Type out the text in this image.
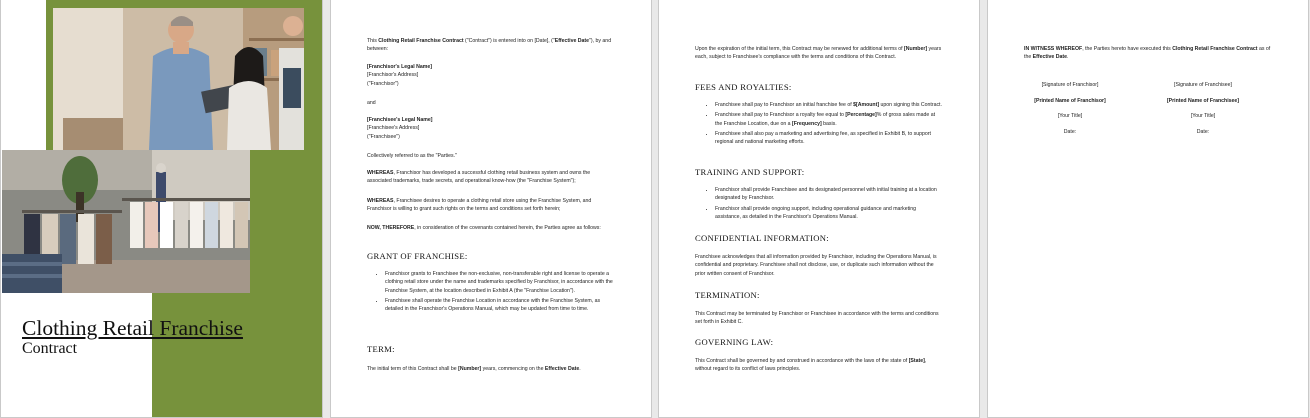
Clothing Retail Franchise
Contract
This Clothing Retail Franchise Contract ("Contract") is entered into on [Date], ("Effective Date"), by and between:

[Franchisor's Legal Name]

[Franchisor's Address]

("Franchisor")

and

[Franchisee's Legal Name]

[Franchisee's Address]

("Franchisee")

Collectively referred to as the "Parties."
WHEREAS, Franchisor has developed a successful clothing retail business system and owns the associated trademarks, trade secrets, and operational know-how (the "Franchise System");
WHEREAS, Franchisee desires to operate a clothing retail store using the Franchise System, and Franchisor is willing to grant such rights on the terms and conditions set forth herein;
NOW, THEREFORE, in consideration of the covenants contained herein, the Parties agree as follows:
GRANT OF FRANCHISE:
• Franchisor grants to Franchisee the non-exclusive, non-transferable right and license to operate a clothing retail store under the name and trademarks specified by Franchisor, in accordance with the Franchise System, at the location described in Exhibit A (the "Franchise Location").
• Franchisee shall operate the Franchise Location in accordance with the Franchise System, as detailed in the Franchisor's Operations Manual, which may be updated from time to time.
TERM:
The initial term of this Contract shall be [Number] years, commencing on the Effective Date.
Upon the expiration of the initial term, this Contract may be renewed for additional terms of [Number] years each, subject to Franchisee's compliance with the terms and conditions of this Contract.
FEES AND ROYALTIES:
• Franchisee shall pay to Franchisor an initial franchise fee of $[Amount] upon signing this Contract.
• Franchisee shall pay to Franchisor a royalty fee equal to [Percentage]% of gross sales made at the Franchise Location, due on a [Frequency] basis.
• Franchisee shall also pay a marketing and advertising fee, as specified in Exhibit B, to support regional and national marketing efforts.
TRAINING AND SUPPORT:
• Franchisor shall provide Franchisee and its designated personnel with initial training at a location designated by Franchisor.
• Franchisor shall provide ongoing support, including operational guidance and marketing assistance, as detailed in the Franchisor's Operations Manual.
CONFIDENTIAL INFORMATION:
Franchisee acknowledges that all information provided by Franchisor, including the Operations Manual, is confidential and proprietary. Franchisee shall not disclose, use, or duplicate such information without the prior written consent of Franchisor.
TERMINATION:
This Contract may be terminated by Franchisor or Franchisee in accordance with the terms and conditions set forth in Exhibit C.
GOVERNING LAW:
This Contract shall be governed by and construed in accordance with the laws of the state of [State], without regard to its conflict of laws principles.
IN WITNESS WHEREOF, the Parties hereto have executed this Clothing Retail Franchise Contract as of the Effective Date.
[Signature of Franchisor]
[Printed Name of Franchisor]
[Your Title]
Date:
[Signature of Franchisee]
[Printed Name of Franchisee]
[Your Title]
Date:
